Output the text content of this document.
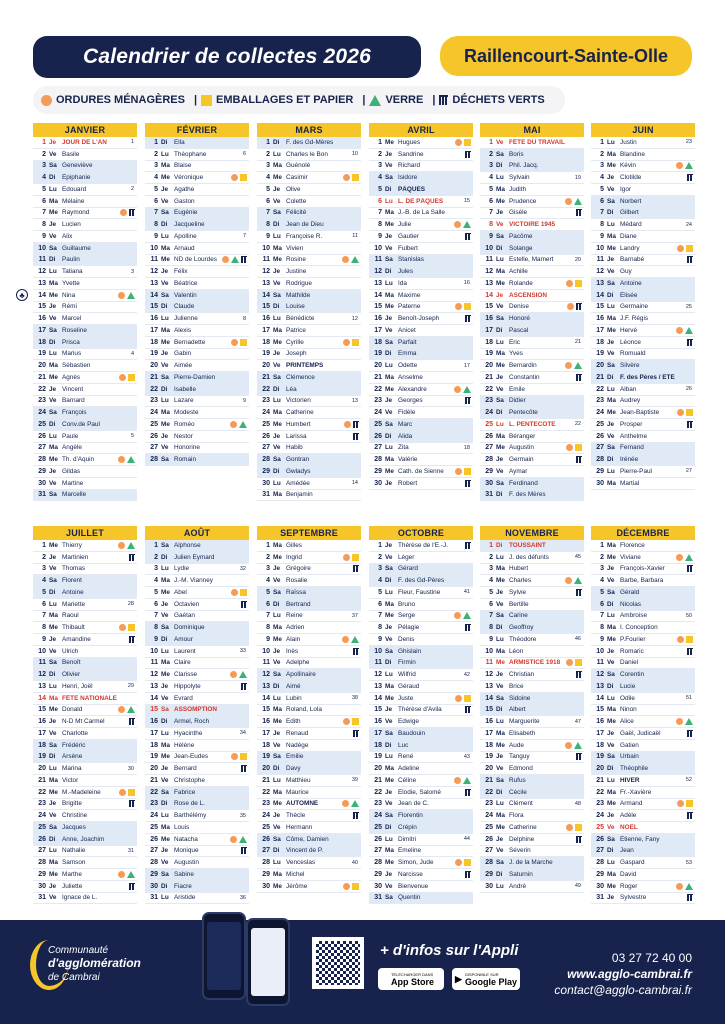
Calendrier de collectes 2026	Raillencourt-Sainte-Olle
ORDURES MÉNAGÈRES | EMBALLAGES ET PAPIER | VERRE | DÉCHETS VERTS
♣
JANVIER
1 Je JOUR DE L'AN	1
2 Ve Basile
3 Sa Geneviève
4 Di	Épiphanie
5 Lu Edouard	2
6 Ma Mélaine
7 Me Raymond
8 Je Lucien
9 Ve Alix
10 Sa Guillaume
11 Di	Paulin
12 Lu Tatiana	3
13 Ma Yvette
14 Me Nina
15 Je Rémi
16 Ve Marcel
17 Sa Roseline
18 Di	Prisca
19 Lu Marius	4
20 Ma Sébastien
21 Me Agnès
22 Je Vincent
23 Ve Barnard
24 Sa François
25 Di	Conv.de Paul
26 Lu Paule	5
27 Ma Angèle
28 Me Th. d'Aquin
29 Je Gildas
30 Ve Martine
31 Sa Marcelle
FÉVRIER
1 Di	Ella
2 Lu Théophane	6
3 Ma Blaise
4 Me Véronique
5 Je Agathe
6 Ve Gaston
7 Sa Eugénie
8 Di	Jacqueline
9 Lu Apolline	7
10 Ma Arnaud
11 Me ND de Lourdes
12 Je Félix
13 Ve Béatrice
14 Sa Valentin
15 Di	Claude
16 Lu Julienne	8
17 Ma Alexis
18 Me Bernadette
19 Je Gabin
20 Ve Aimée
21 Sa Pierre-Damien
22 Di	Isabelle
23 Lu Lazare	9
24 Ma Modeste
25 Me Roméo
26 Je Nestor
27 Ve Honorine
28 Sa Romain
MARS
1 Di	F. des Gd-Mères
2 Lu Charles le Bon	10
3 Ma Guénolé
4 Me Casimir
5 Je Olive
6 Ve Colette
7 Sa Félicité
8 Di	Jean de Dieu
9 Lu Françoise R.	11
10 Ma Vivien
11 Me Rosine
12 Je Justine
13 Ve Rodrigue
14 Sa Mathilde
15 Di	Louise
16 Lu Bénédicte	12
17 Ma Patrice
18 Me Cyrille
19 Je Joseph
20 Ve PRINTEMPS
21 Sa Clémence
22 Di	Léa
23 Lu Victorien	13
24 Ma Catherine
25 Me Humbert
26 Je Larissa
27 Ve Habib
28 Sa Gontran
29 Di	Gwladys
30 Lu Amédée	14
31 Ma Benjamin
AVRIL
1 Me Hugues
2 Je Sandrine
3 Ve Richard
4 Sa Isidore
5 Di	PÂQUES
6 Lu L. DE PÂQUES	15
7 Ma J.-B. de La Salle
8 Me Julie
9 Je Gautier
10 Ve Fulbert
11 Sa Stanislas
12 Di	Jules
13 Lu Ida	16
14 Ma Maxime
15 Me Paterne
16 Je Benoît-Joseph
17 Ve Anicet
18 Sa Parfait
19 Di	Emma
20 Lu Odette	17
21 Ma Anselme
22 Me Alexandre
23 Je Georges
24 Ve Fidèle
25 Sa Marc
26 Di	Alida
27 Lu Zita	18
28 Ma Valérie
29 Me Cath. de Sienne
30 Je Robert
MAI
1 Ve FÊTE DU TRAVAIL
2 Sa Boris
3 Di	Phil. Jacq.
4 Lu Sylvain	19
5 Ma Judith
6 Me Prudence
7 Je Gisèle
8 Ve VICTOIRE 1945
9 Sa Pacôme
10 Di	Solange
11 Lu Estelle, Mamert	20
12 Ma Achille
13 Me Rolande
14 Je ASCENSION
15 Ve Denise
16 Sa Honoré
17 Di	Pascal
18 Lu Éric	21
19 Ma Yves
20 Me Bernardin
21 Je Constantin
22 Ve Émile
23 Sa Didier
24 Di	Pentecôte
25 Lu L. PENTECÔTE	22
26 Ma Béranger
27 Me Augustin
28 Je Germain
29 Ve Aymar
30 Sa Ferdinand
31 Di	F. des Mères
JUIN
1 Lu Justin	23
2 Ma Blandine
3 Me Kévin
4 Je Clotilde
5 Ve Igor
6 Sa Norbert
7 Di	Gilbert
8 Lu Médard	24
9 Ma Diane
10 Me Landry
11 Je Barnabé
12 Ve Guy
13 Sa Antoine
14 Di	Élisée
15 Lu Germaine	25
16 Ma J.F. Régis
17 Me Hervé
18 Je Léonce
19 Ve Romuald
20 Sa Silvère
21 Di	F. des Pères / ÉTÉ
22 Lu Alban	26
23 Ma Audrey
24 Me Jean-Baptiste
25 Je Prosper
26 Ve Anthelme
27 Sa Fernand
28 Di	Irénée
29 Lu Pierre-Paul	27
30 Ma Martial
JUILLET
1 Me Thierry
2 Je Martinien
3 Ve Thomas
4 Sa Florent
5 Di	Antoine
6 Lu Mariette	28
7 Ma Raoul
8 Me Thibault
9 Je Amandine
10 Ve Ulrich
11 Sa Benoît
12 Di	Olivier
13 Lu Henri, Joël	29
14 Ma FÊTE NATIONALE
15 Me Donald
16 Je N-D Mt Carmel
17 Ve Charlotte
18 Sa Frédéric
19 Di	Arsène
20 Lu Marina	30
21 Ma Victor
22 Me M.-Madeleine
23 Je Brigitte
24 Ve Christine
25 Sa Jacques
26 Di	Anne, Joachim
27 Lu Nathalie	31
28 Ma Samson
29 Me Marthe
30 Je Juliette
31 Ve Ignace de L.
AOÛT
1 Sa Alphonse
2 Di	Julien Eymard
3 Lu Lydie	32
4 Ma J.-M. Vianney
5 Me Abel
6 Je Octavien
7 Ve Gaétan
8 Sa Dominique
9 Di	Amour
10 Lu Laurent	33
11 Ma Claire
12 Me Clarisse
13 Je Hippolyte
14 Ve Evrard
15 Sa ASSOMPTION
16 Di	Armel, Roch
17 Lu Hyacinthe	34
18 Ma Hélène
19 Me Jean-Eudes
20 Je Bernard
21 Ve Christophe
22 Sa Fabrice
23 Di	Rose de L.
24 Lu Barthélémy	35
25 Ma Louis
26 Me Natacha
27 Je Monique
28 Ve Augustin
29 Sa Sabine
30 Di	Fiacre
31 Lu Aristide	36
SEPTEMBRE
1 Ma Gilles
2 Me Ingrid
3 Je Grégoire
4 Ve Rosalie
5 Sa Raïssa
6 Di	Bertrand
7 Lu Reine	37
8 Ma Adrien
9 Me Alain
10 Je Inès
11 Ve Adelphe
12 Sa Apollinaire
13 Di	Aimé
14 Lu Lubin	38
15 Ma Roland, Lola
16 Me Edith
17 Je Renaud
18 Ve Nadège
19 Sa Emilie
20 Di	Davy
21 Lu Matthieu	39
22 Ma Maurice
23 Me AUTOMNE
24 Je Thècle
25 Ve Hermann
26 Sa Côme, Damien
27 Di	Vincent de P.
28 Lu Venceslas	40
29 Ma Michel
30 Me Jérôme
OCTOBRE
1 Je Thérèse de l'E.-J.
2 Ve Léger
3 Sa Gérard
4 Di	F. des Gd-Pères
5 Lu Fleur, Faustine	41
6 Ma Bruno
7 Me Serge
8 Je Pélagie
9 Ve Denis
10 Sa Ghislain
11 Di	Firmin
12 Lu Wilfrid	42
13 Ma Géraud
14 Me Juste
15 Je Thérèse d'Avila
16 Ve Edwige
17 Sa Baudouin
18 Di	Luc
19 Lu René	43
20 Ma Adeline
21 Me Céline
22 Je Élodie, Salomé
23 Ve Jean de C.
24 Sa Florentin
25 Di	Crépin
26 Lu Dimitri	44
27 Ma Émeline
28 Me Simon, Jude
29 Je Narcisse
30 Ve Bienvenue
31 Sa Quentin
NOVEMBRE
1 Di	TOUSSAINT
2 Lu J. des défunts	45
3 Ma Hubert
4 Me Charles
5 Je Sylvie
6 Ve Bertille
7 Sa Carine
8 Di	Geoffroy
9 Lu Théodore	46
10 Ma Léon
11 Me ARMISTICE 1918
12 Je Christian
13 Ve Brice
14 Sa Sidoine
15 Di	Albert
16 Lu Marguerite	47
17 Ma Elisabeth
18 Me Aude
19 Je Tanguy
20 Ve Edmond
21 Sa Rufus
22 Di	Cécile
23 Lu Clément	48
24 Ma Flora
25 Me Catherine
26 Je Delphine
27 Ve Séverin
28 Sa J. de la Marche
29 Di	Saturnin
30 Lu André	49
DÉCEMBRE
1 Ma Florence
2 Me Viviane
3 Je François-Xavier
4 Ve Barbe, Barbara
5 Sa Gérald
6 Di	Nicolas
7 Lu Ambroise	50
8 Ma I. Conception
9 Me P.Fourier
10 Je Romaric
11 Ve Daniel
12 Sa Corentin
13 Di	Lucie
14 Lu Odile	51
15 Ma Ninon
16 Me Alice
17 Je Gaël, Judicaël
18 Ve Gatien
19 Sa Urbain
20 Di	Théophile
21 Lu HIVER	52
22 Ma Fr.-Xavière
23 Me Armand
24 Je Adèle
25 Ve NOËL
26 Sa Étienne, Fany
27 Di	Jean
28 Lu Gaspard	53
29 Ma David
30 Me Roger
31 Je Sylvestre
Communauté
d'agglomération
de Cambrai
+ d'infos sur l'Appli
TÉLÉCHARGER DANS
App Store ▶ DISPONIBLE SUR
Google Play
03 27 72 40 00
www.agglo-cambrai.fr
contact@agglo-cambrai.fr
